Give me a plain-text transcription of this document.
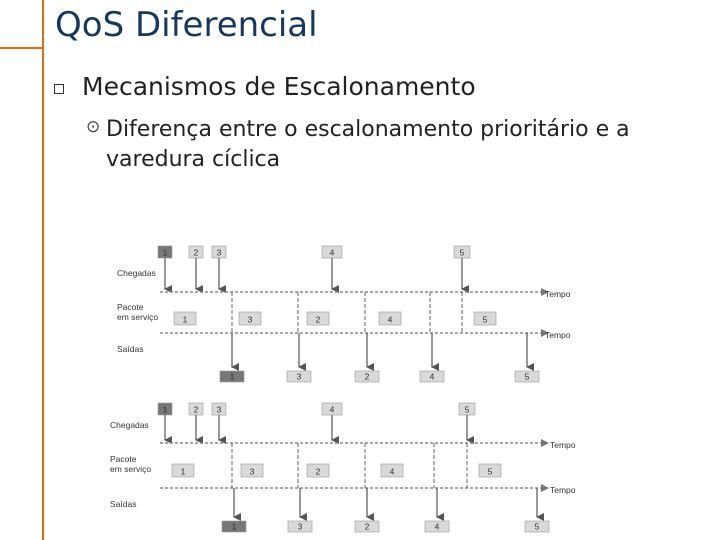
QoS Diferencial
Mecanismos de Escalonamento
⊙ Diferença entre o escalonamento prioritário e a varedura cíclica
1	2 3	4	5
Chegadas
Pacote
em serviço
Saídas
Tempo
Tempo
1	3	2	4	5
1	3	2	4	5
1	2 3	4	5
Chegadas
Pacote
em serviço
Saídas
Tempo
Tempo
1	3	2	4	5
1	3	2	4	5
